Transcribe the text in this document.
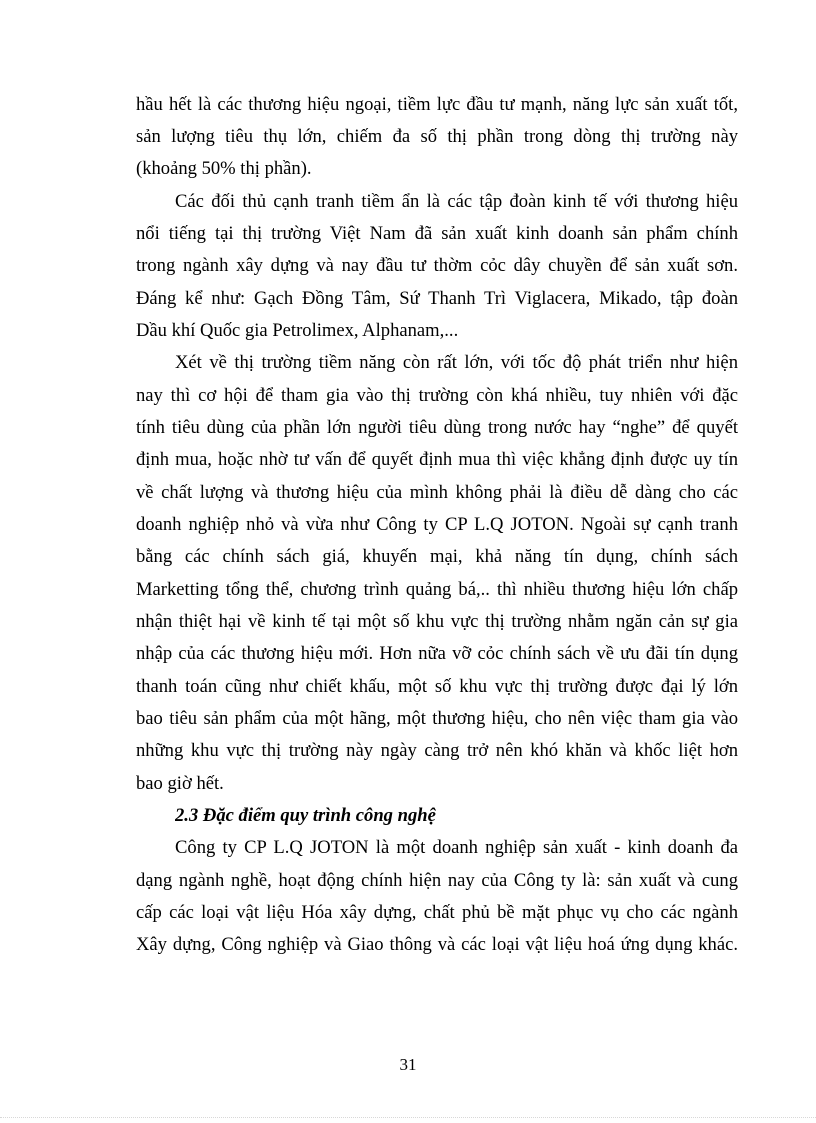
hầu hết là các thương hiệu ngoại, tiềm lực đầu tư mạnh, năng lực sản xuất tốt,
sản lượng tiêu thụ lớn, chiếm đa số thị phần trong dòng thị trường này
(khoảng 50% thị phần).
Các đối thủ cạnh tranh tiềm ẩn là các tập đoàn kinh tế với thương hiệu
nổi tiếng tại thị trường Việt Nam đã sản xuất kinh doanh sản phẩm chính
trong ngành xây dựng và nay đầu tư thờm cỏc dây chuyền để sản xuất sơn.
Đáng kể như: Gạch Đồng Tâm, Sứ Thanh Trì Viglacera, Mikado, tập đoàn
Dầu khí Quốc gia Petrolimex, Alphanam,...
Xét về thị trường tiềm năng còn rất lớn, với tốc độ phát triển như hiện
nay thì cơ hội để tham gia vào thị trường còn khá nhiều, tuy nhiên với đặc
tính tiêu dùng của phần lớn người tiêu dùng trong nước hay “nghe” để quyết
định mua, hoặc nhờ tư vấn để quyết định mua thì việc khẳng định được uy tín
về chất lượng và thương hiệu của mình không phải là điều dễ dàng cho các
doanh nghiệp nhỏ và vừa như Công ty CP L.Q JOTON. Ngoài sự cạnh tranh
bằng các chính sách giá, khuyến mại, khả năng tín dụng, chính sách
Marketting tổng thể, chương trình quảng bá,.. thì nhiều thương hiệu lớn chấp
nhận thiệt hại về kinh tế tại một số khu vực thị trường nhằm ngăn cản sự gia
nhập của các thương hiệu mới. Hơn nữa vỡ cỏc chính sách về ưu đãi tín dụng
thanh toán cũng như chiết khấu, một số khu vực thị trường được đại lý lớn
bao tiêu sản phẩm của một hãng, một thương hiệu, cho nên việc tham gia vào
những khu vực thị trường này ngày càng trở nên khó khăn và khốc liệt hơn
bao giờ hết.
2.3 Đặc điểm quy trình công nghệ
Công ty CP L.Q JOTON là một doanh nghiệp sản xuất - kinh doanh đa
dạng ngành nghề, hoạt động chính hiện nay của Công ty là: sản xuất và cung
cấp các loại vật liệu Hóa xây dựng, chất phủ bề mặt phục vụ cho các ngành
Xây dựng, Công nghiệp và Giao thông và các loại vật liệu hoá ứng dụng khác.
31
